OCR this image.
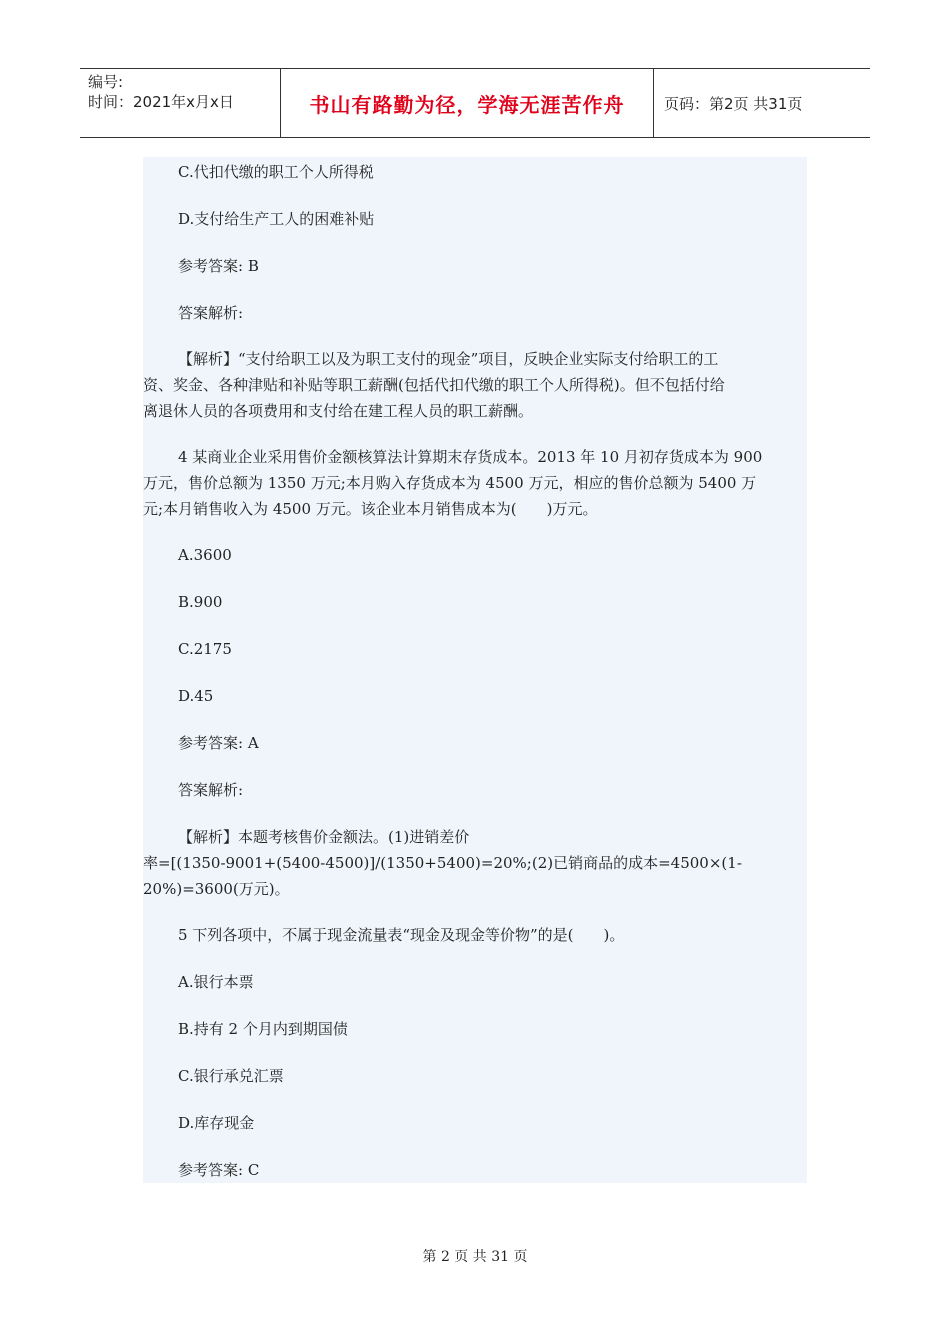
编号:
时间：2021年x月x日	书山有路勤为径，学海无涯苦作舟	页码：第2页 共31页
C.代扣代缴的职工个人所得税
D.支付给生产工人的困难补贴
参考答案: B
答案解析:
【解析】“支付给职工以及为职工支付的现金”项目，反映企业实际支付给职工的工
资、奖金、各种津贴和补贴等职工薪酬(包括代扣代缴的职工个人所得税)。但不包括付给
离退休人员的各项费用和支付给在建工程人员的职工薪酬。
4 某商业企业采用售价金额核算法计算期末存货成本。2013 年 10 月初存货成本为 900
万元，售价总额为 1350 万元;本月购入存货成本为 4500 万元，相应的售价总额为 5400 万
元;本月销售收入为 4500 万元。该企业本月销售成本为(　　)万元。
A.3600
B.900
C.2175
D.45
参考答案: A
答案解析:
【解析】本题考核售价金额法。(1)进销差价
率=[(1350-9001+(5400-4500)]/(1350+5400)=20%;(2)已销商品的成本=4500×(1-
20%)=3600(万元)。
5 下列各项中，不属于现金流量表“现金及现金等价物”的是(　　)。
A.银行本票
B.持有 2 个月内到期国债
C.银行承兑汇票
D.库存现金
参考答案: C
第 2 页 共 31 页
